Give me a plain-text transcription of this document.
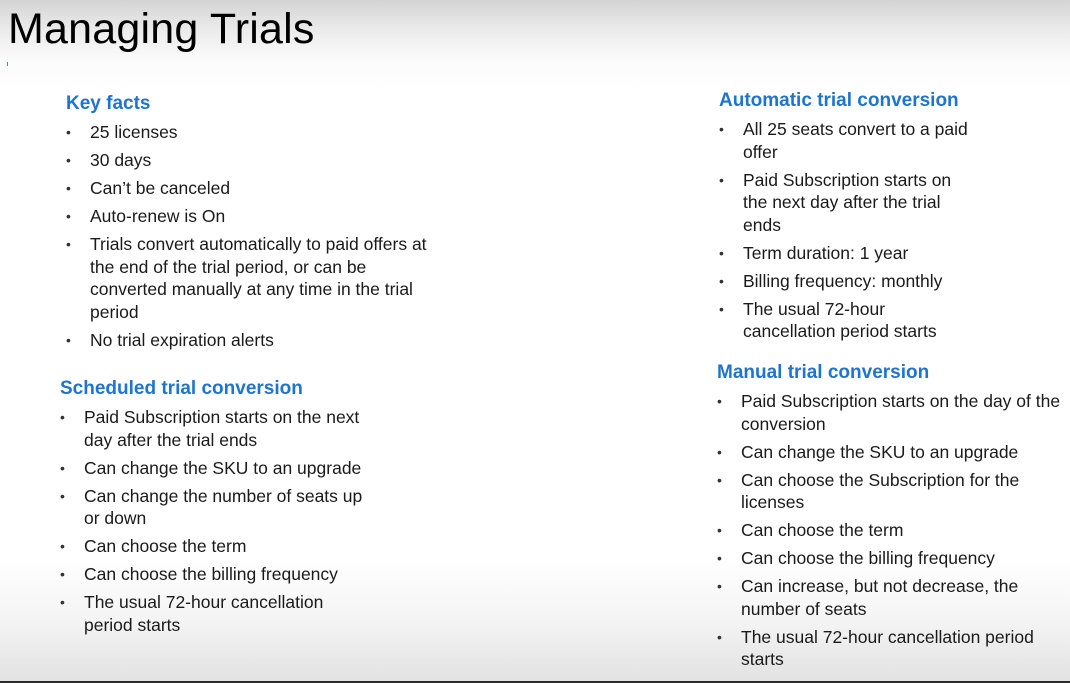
Managing Trials
Key facts
• 25 licenses
• 30 days
• Can’t be canceled
• Auto-renew is On
• Trials convert automatically to paid offers at the end of the trial period, or can be converted manually at any time in the trial period
• No trial expiration alerts
Scheduled trial conversion
• Paid Subscription starts on the next day after the trial ends
• Can change the SKU to an upgrade
• Can change the number of seats up or down
• Can choose the term
• Can choose the billing frequency
• The usual 72-hour cancellation period starts
Automatic trial conversion
• All 25 seats convert to a paid offer
• Paid Subscription starts on the next day after the trial ends
• Term duration: 1 year
• Billing frequency: monthly
• The usual 72-hour cancellation period starts
Manual trial conversion
• Paid Subscription starts on the day of the conversion
• Can change the SKU to an upgrade
• Can choose the Subscription for the licenses
• Can choose the term
• Can choose the billing frequency
• Can increase, but not decrease, the number of seats
• The usual 72-hour cancellation period starts
